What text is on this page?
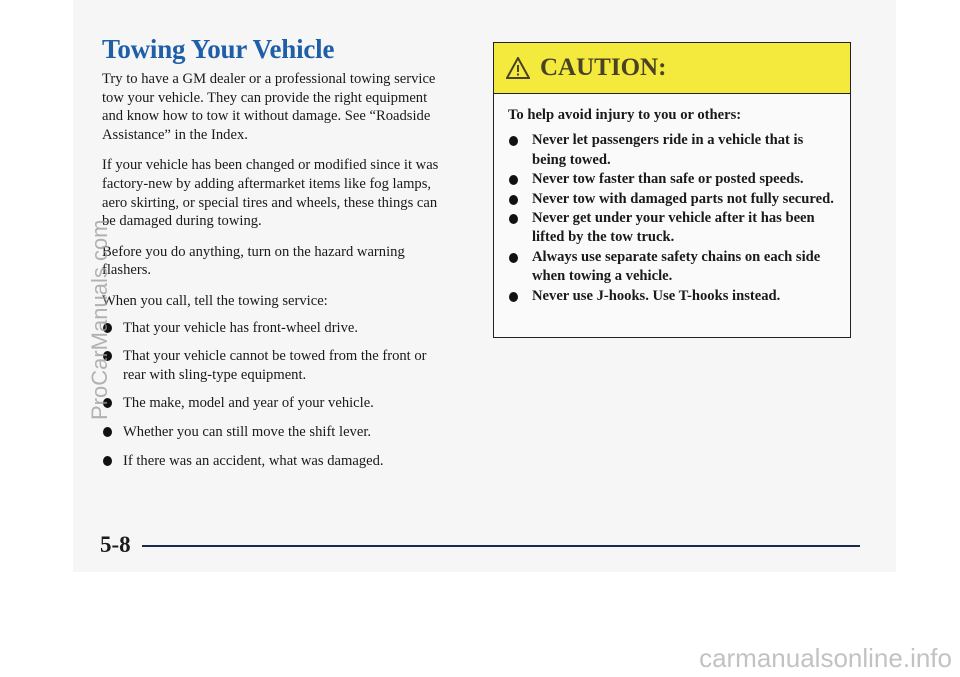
Towing Your Vehicle

Try to have a GM dealer or a professional towing service tow your vehicle. They can provide the right equipment and know how to tow it without damage. See “Roadside Assistance” in the Index.

If your vehicle has been changed or modified since it was factory-new by adding aftermarket items like fog lamps, aero skirting, or special tires and wheels, these things can be damaged during towing.

Before you do anything, turn on the hazard warning flashers.

When you call, tell the towing service:

That your vehicle has front-wheel drive.
That your vehicle cannot be towed from the front or rear with sling-type equipment.
The make, model and year of your vehicle.
Whether you can still move the shift lever.
If there was an accident, what was damaged.
CAUTION:

To help avoid injury to you or others:

Never let passengers ride in a vehicle that is being towed.
Never tow faster than safe or posted speeds.
Never tow with damaged parts not fully secured.
Never get under your vehicle after it has been lifted by the tow truck.
Always use separate safety chains on each side when towing a vehicle.
Never use J-hooks. Use T-hooks instead.
5-8
ProCarManuals.com
carmanualsonline.info
